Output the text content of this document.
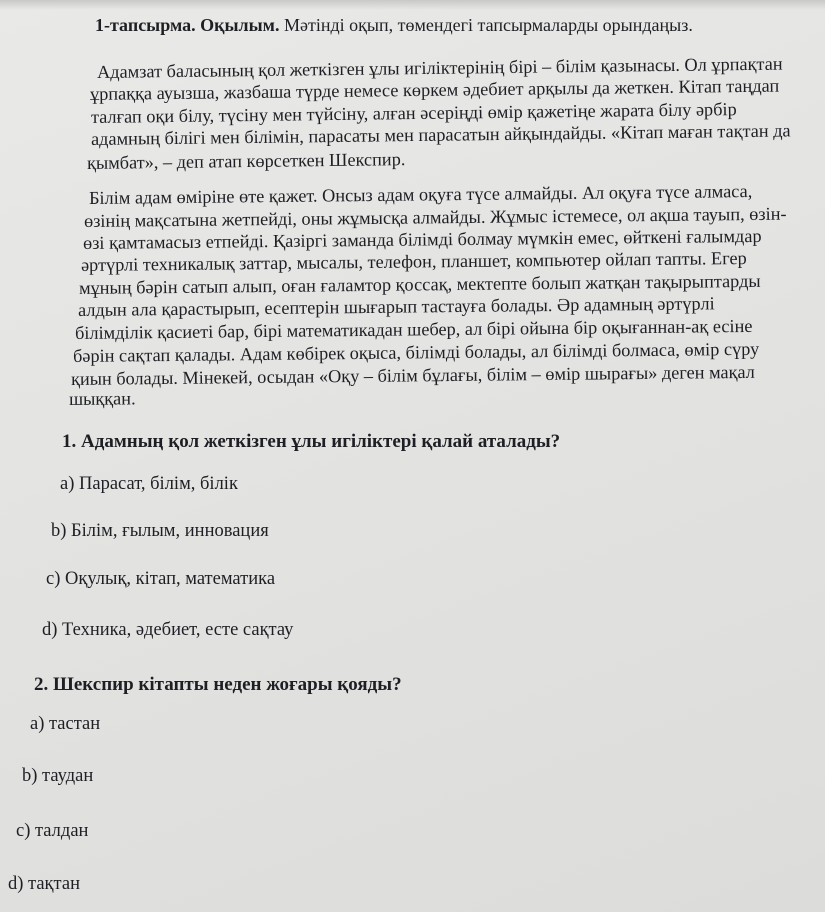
1-тапсырма. Оқылым. Мәтінді оқып, төмендегі тапсырмаларды орындаңыз.
Адамзат баласының қол жеткізген ұлы игіліктерінің бірі – білім қазынасы. Ол ұрпақтан
ұрпаққа ауызша, жазбаша түрде немесе көркем әдебиет арқылы да жеткен. Кітап таңдап
талғап оқи білу, түсіну мен түйсіну, алған әсеріңді өмір қажетіңе жарата білу әрбір
адамның білігі мен білімін, парасаты мен парасатын айқындайды. «Кітап маған тақтан да
қымбат», – деп атап көрсеткен Шекспир.
Білім адам өміріне өте қажет. Онсыз адам оқуға түсе алмайды. Ал оқуға түсе алмаса,
өзінің мақсатына жетпейді, оны жұмысқа алмайды. Жұмыс істемесе, ол ақша тауып, өзін-
өзі қамтамасыз етпейді. Қазіргі заманда білімді болмау мүмкін емес, өйткені ғалымдар
әртүрлі техникалық заттар, мысалы, телефон, планшет, компьютер ойлап тапты. Егер
мұның бәрін сатып алып, оған ғаламтор қоссақ, мектепте болып жатқан тақырыптарды
алдын ала қарастырып, есептерін шығарып тастауға болады. Әр адамның әртүрлі
білімділік қасиеті бар, бірі математикадан шебер, ал бірі ойына бір оқығаннан-ақ есіне
бәрін сақтап қалады. Адам көбірек оқыса, білімді болады, ал білімді болмаса, өмір сүру
қиын болады. Мінекей, осыдан «Оқу – білім бұлағы, білім – өмір шырағы» деген мақал
шыққан.
1. Адамның қол жеткізген ұлы игіліктері қалай аталады?
a) Парасат, білім, білік
b) Білім, ғылым, инновация
c) Оқулық, кітап, математика
d) Техника, әдебиет, есте сақтау
2. Шекспир кітапты неден жоғары қояды?
a) тастан
b) таудан
c) талдан
d) тақтан
